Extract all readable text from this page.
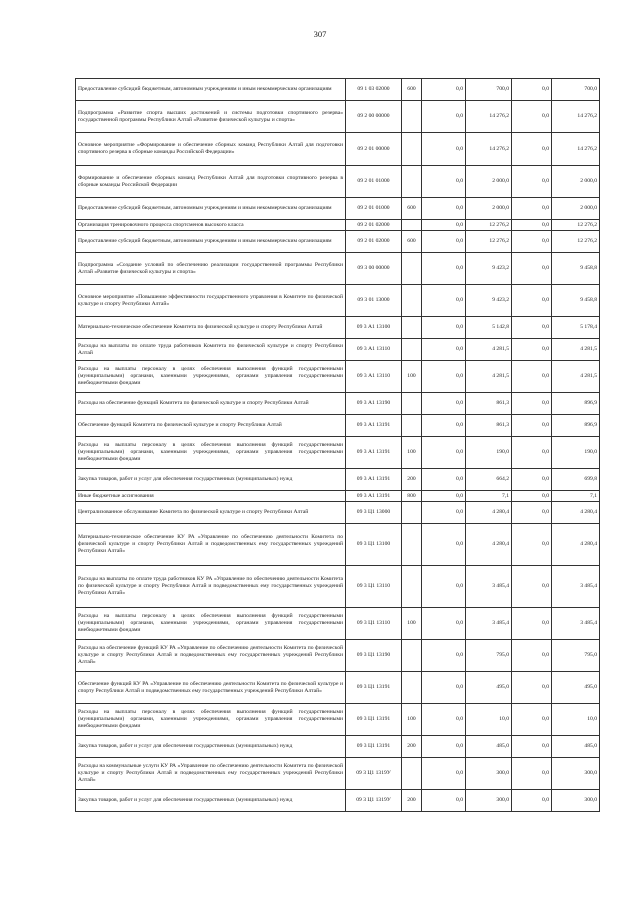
307
Предоставление субсидий бюджетным, автономным учреждениям и иным некоммерческим организациям	09 1 03 02000	600	0,0	700,0	0,0	700,0
Подпрограмма «Развитие спорта высших достижений и системы подготовки спортивного резерва» государственной программы Республики Алтай «Развитие физической культуры и спорта»	09 2 00 00000		0,0	14 276,2	0,0	14 276,2
Основное мероприятие «Формирование и обеспечение сборных команд Республики Алтай для подготовки спортивного резерва в сборные команды Российской Федерации»	09 2 01 00000		0,0	14 276,2	0,0	14 276,2
Формирование и обеспечение сборных команд Республики Алтай для подготовки спортивного резерва в сборные команды Российской Федерации	09 2 01 01000		0,0	2 000,0	0,0	2 000,0
Предоставление субсидий бюджетным, автономным учреждениям и иным некоммерческим организациям	09 2 01 01000	600	0,0	2 000,0	0,0	2 000,0
Организация тренировочного процесса спортсменов высокого класса	09 2 01 02000		0,0	12 276,2	0,0	12 276,2
Предоставление субсидий бюджетным, автономным учреждениям и иным некоммерческим организациям	09 2 01 02000	600	0,0	12 276,2	0,0	12 276,2
Подпрограмма «Создание условий по обеспечению реализации государственной программы Республики Алтай «Развитие физической культуры и спорта»	09 3 00 00000		0,0	9 423,2	0,0	9 458,8
Основное мероприятие «Повышение эффективности государственного управления в Комитете по физической культуре и спорту Республики Алтай»	09 3 01 13000		0,0	9 423,2	0,0	9 458,8
Материально-техническое обеспечение Комитета по физической культуре и спорту Республики Алтай	09 3 А1 13100		0,0	5 142,8	0,0	5 178,4
Расходы на выплаты по оплате труда работников Комитета по физической культуре и спорту Республики Алтай	09 3 А1 13110		0,0	4 281,5	0,0	4 281,5
Расходы на выплаты персоналу в целях обеспечения выполнения функций государственными (муниципальными) органами, казенными учреждениями, органами управления государственными внебюджетными фондами	09 3 А1 13110	100	0,0	4 281,5	0,0	4 281,5
Расходы на обеспечение функций Комитета по физической культуре и спорту Республики Алтай	09 3 А1 13190		0,0	861,3	0,0	896,9
Обеспечение функций Комитета по физической культуре и спорту Республики Алтай	09 3 А1 13191		0,0	861,3	0,0	896,9
Расходы на выплаты персоналу в целях обеспечения выполнения функций государственными (муниципальными) органами, казенными учреждениями, органами управления государственными внебюджетными фондами	09 3 А1 13191	100	0,0	190,0	0,0	190,0
Закупка товаров, работ и услуг для обеспечения государственных (муниципальных) нужд	09 3 А1 13191	200	0,0	664,2	0,0	699,8
Иные бюджетные ассигнования	09 3 А1 13191	800	0,0	7,1	0,0	7,1
Централизованное обслуживание Комитета по физической культуре и спорту Республики Алтай	09 3 Ц1 13000		0,0	4 280,4	0,0	4 280,4
Материально-техническое обеспечение КУ РА «Управление по обеспечению деятельности Комитета по физической культуре и спорту Республики Алтай и подведомственных ему государственных учреждений Республики Алтай»	09 3 Ц1 13100		0,0	4 280,4	0,0	4 280,4
Расходы на выплаты по оплате труда работников КУ РА «Управление по обеспечению деятельности Комитета по физической культуре и спорту Республики Алтай и подведомственных ему государственных учреждений Республики Алтай»	09 3 Ц1 13110		0,0	3 485,4	0,0	3 485,4
Расходы на выплаты персоналу в целях обеспечения выполнения функций государственными (муниципальными) органами, казенными учреждениями, органами управления государственными внебюджетными фондами	09 3 Ц1 13110	100	0,0	3 485,4	0,0	3 485,4
Расходы на обеспечение функций КУ РА «Управление по обеспечению деятельности Комитета по физической культуре и спорту Республики Алтай и подведомственных ему государственных учреждений Республики Алтай»	09 3 Ц1 13190		0,0	795,0	0,0	795,0
Обеспечение функций КУ РА «Управление по обеспечению деятельности Комитета по физической культуре и спорту Республики Алтай и подведомственных ему государственных учреждений Республики Алтай»	09 3 Ц1 13191		0,0	495,0	0,0	495,0
Расходы на выплаты персоналу в целях обеспечения выполнения функций государственными (муниципальными) органами, казенными учреждениями, органами управления государственными внебюджетными фондами	09 3 Ц1 13191	100	0,0	10,0	0,0	10,0
Закупка товаров, работ и услуг для обеспечения государственных (муниципальных) нужд	09 3 Ц1 13191	200	0,0	485,0	0,0	485,0
Расходы на коммунальные услуги КУ РА «Управление по обеспечению деятельности Комитета по физической культуре и спорту Республики Алтай и подведомственных ему государственных учреждений Республики Алтай»	09 3 Ц1 1319У		0,0	300,0	0,0	300,0
Закупка товаров, работ и услуг для обеспечения государственных (муниципальных) нужд	09 3 Ц1 1319У	200	0,0	300,0	0,0	300,0
